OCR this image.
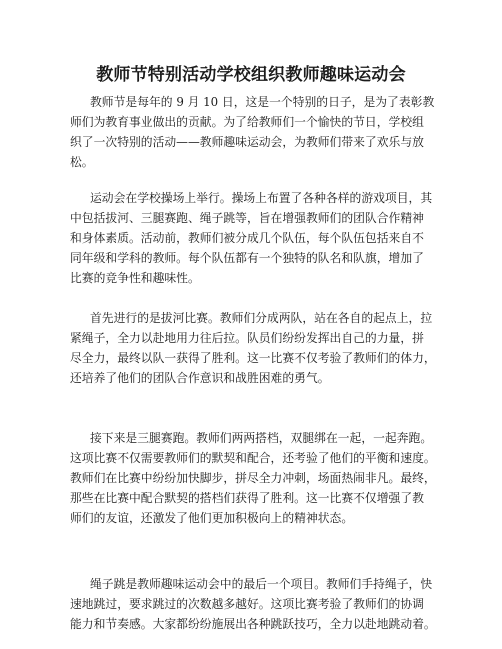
教师节特别活动学校组织教师趣味运动会
教师节是每年的 9 月 10 日，这是一个特别的日子，是为了表彰教
师们为教育事业做出的贡献。为了给教师们一个愉快的节日，学校组
织了一次特别的活动——教师趣味运动会，为教师们带来了欢乐与放
松。
运动会在学校操场上举行。操场上布置了各种各样的游戏项目，其
中包括拔河、三腿赛跑、绳子跳等，旨在增强教师们的团队合作精神
和身体素质。活动前，教师们被分成几个队伍，每个队伍包括来自不
同年级和学科的教师。每个队伍都有一个独特的队名和队旗，增加了
比赛的竞争性和趣味性。
首先进行的是拔河比赛。教师们分成两队，站在各自的起点上，拉
紧绳子，全力以赴地用力往后拉。队员们纷纷发挥出自己的力量，拼
尽全力，最终以队一获得了胜利。这一比赛不仅考验了教师们的体力，
还培养了他们的团队合作意识和战胜困难的勇气。
接下来是三腿赛跑。教师们两两搭档，双腿绑在一起，一起奔跑。
这项比赛不仅需要教师们的默契和配合，还考验了他们的平衡和速度。
教师们在比赛中纷纷加快脚步，拼尽全力冲刺，场面热闹非凡。最终，
那些在比赛中配合默契的搭档们获得了胜利。这一比赛不仅增强了教
师们的友谊，还激发了他们更加积极向上的精神状态。
绳子跳是教师趣味运动会中的最后一个项目。教师们手持绳子，快
速地跳过，要求跳过的次数越多越好。这项比赛考验了教师们的协调
能力和节奏感。大家都纷纷施展出各种跳跃技巧，全力以赴地跳动着。
